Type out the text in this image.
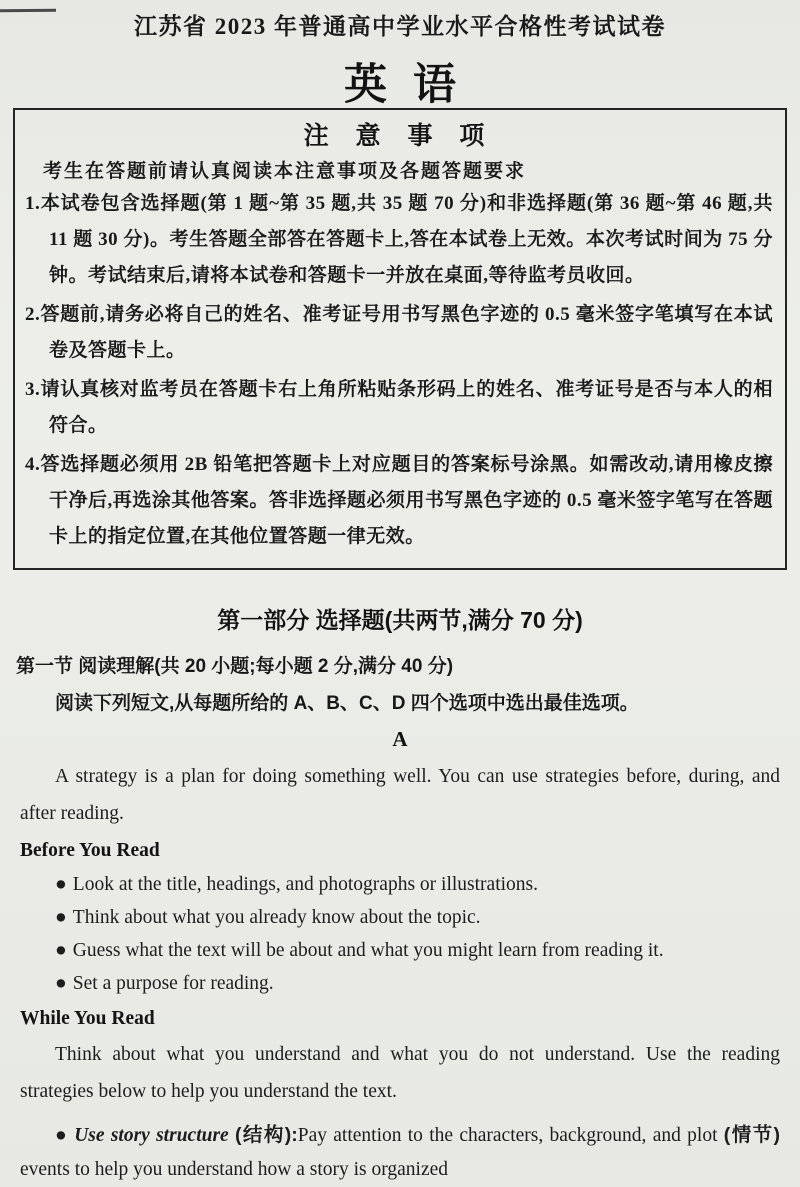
江苏省 2023 年普通高中学业水平合格性考试试卷
英语
注 意 事 项
考生在答题前请认真阅读本注意事项及各题答题要求

1.本试卷包含选择题(第 1 题~第 35 题,共 35 题 70 分)和非选择题(第 36 题~第 46 题,共 11 题 30 分)。考生答题全部答在答题卡上,答在本试卷上无效。本次考试时间为 75 分钟。考试结束后,请将本试卷和答题卡一并放在桌面,等待监考员收回。

2.答题前,请务必将自己的姓名、准考证号用书写黑色字迹的 0.5 毫米签字笔填写在本试卷及答题卡上。

3.请认真核对监考员在答题卡右上角所粘贴条形码上的姓名、准考证号是否与本人的相符合。

4.答选择题必须用 2B 铅笔把答题卡上对应题目的答案标号涂黑。如需改动,请用橡皮擦干净后,再选涂其他答案。答非选择题必须用书写黑色字迹的 0.5 毫米签字笔写在答题卡上的指定位置,在其他位置答题一律无效。

第一部分 选择题(共两节,满分 70 分)
第一节 阅读理解(共 20 小题;每小题 2 分,满分 40 分)
阅读下列短文,从每题所给的 A、B、C、D 四个选项中选出最佳选项。
A

A strategy is a plan for doing something well. You can use strategies before, during, and after reading.

Before You Read
● Look at the title, headings, and photographs or illustrations.
● Think about what you already know about the topic.
● Guess what the text will be about and what you might learn from reading it.
● Set a purpose for reading.
While You Read

Think about what you understand and what you do not understand. Use the reading strategies below to help you understand the text.

● Use story structure (结构):Pay attention to the characters, background, and plot (情节) events to help you understand how a story is organized
